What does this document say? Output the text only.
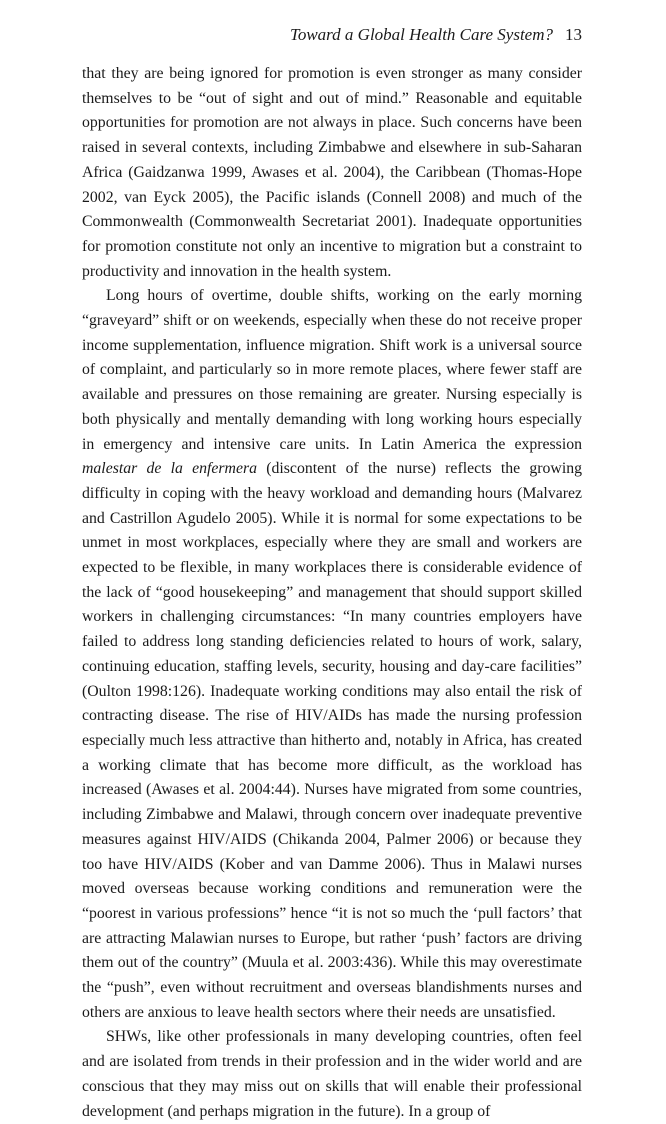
Toward a Global Health Care System? 13

that they are being ignored for promotion is even stronger as many consider themselves to be “out of sight and out of mind.” Reasonable and equitable opportunities for promotion are not always in place. Such concerns have been raised in several contexts, including Zimbabwe and elsewhere in sub-Saharan Africa (Gaidzanwa 1999, Awases et al. 2004), the Caribbean (Thomas-Hope 2002, van Eyck 2005), the Pacific islands (Connell 2008) and much of the Commonwealth (Commonwealth Secretariat 2001). Inadequate opportunities for promotion constitute not only an incentive to migration but a constraint to productivity and innovation in the health system.

Long hours of overtime, double shifts, working on the early morning “graveyard” shift or on weekends, especially when these do not receive proper income supplementation, influence migration. Shift work is a universal source of complaint, and particularly so in more remote places, where fewer staff are available and pressures on those remaining are greater. Nursing especially is both physically and mentally demanding with long working hours especially in emergency and intensive care units. In Latin America the expression malestar de la enfermera (discontent of the nurse) reflects the growing difficulty in coping with the heavy workload and demanding hours (Malvarez and Castrillon Agudelo 2005). While it is normal for some expectations to be unmet in most workplaces, especially where they are small and workers are expected to be flexible, in many workplaces there is considerable evidence of the lack of “good housekeeping” and management that should support skilled workers in challenging circumstances: “In many countries employers have failed to address long standing deficiencies related to hours of work, salary, continuing education, staffing levels, security, housing and day-care facilities” (Oulton 1998:126). Inadequate working conditions may also entail the risk of contracting disease. The rise of HIV/AIDs has made the nursing profession especially much less attractive than hitherto and, notably in Africa, has created a working climate that has become more difficult, as the workload has increased (Awases et al. 2004:44). Nurses have migrated from some countries, including Zimbabwe and Malawi, through concern over inadequate preventive measures against HIV/AIDS (Chikanda 2004, Palmer 2006) or because they too have HIV/AIDS (Kober and van Damme 2006). Thus in Malawi nurses moved overseas because working conditions and remuneration were the “poorest in various professions” hence “it is not so much the ‘pull factors’ that are attracting Malawian nurses to Europe, but rather ‘push’ factors are driving them out of the country” (Muula et al. 2003:436). While this may overestimate the “push”, even without recruitment and overseas blandishments nurses and others are anxious to leave health sectors where their needs are unsatisfied.

SHWs, like other professionals in many developing countries, often feel and are isolated from trends in their profession and in the wider world and are conscious that they may miss out on skills that will enable their professional development (and perhaps migration in the future). In a group of
